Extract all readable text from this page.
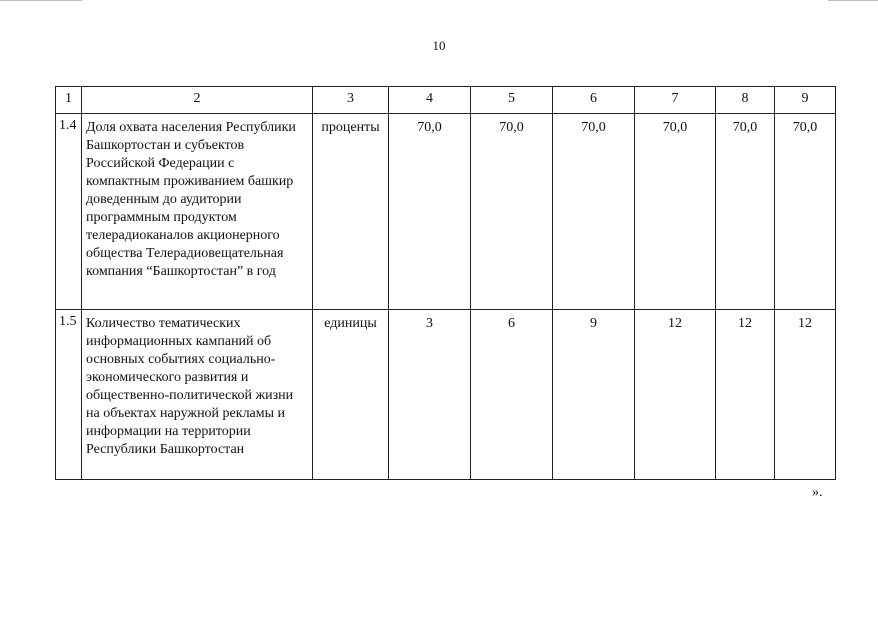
10
1	2	3	4	5	6	7	8	9
1.4	Доля охвата населения Республики Башкортостан и субъектов Российской Федерации с компактным проживанием башкир доведенным до аудитории программным продуктом телерадиоканалов акционерного общества Телерадиовещательная компания “Башкортостан” в год	проценты	70,0	70,0	70,0	70,0	70,0	70,0
1.5	Количество тематических информационных кампаний об основных событиях социально-экономического развития и общественно-политической жизни на объектах наружной рекламы и информации на территории Республики Башкортостан	единицы	3	6	9	12	12	12
».
